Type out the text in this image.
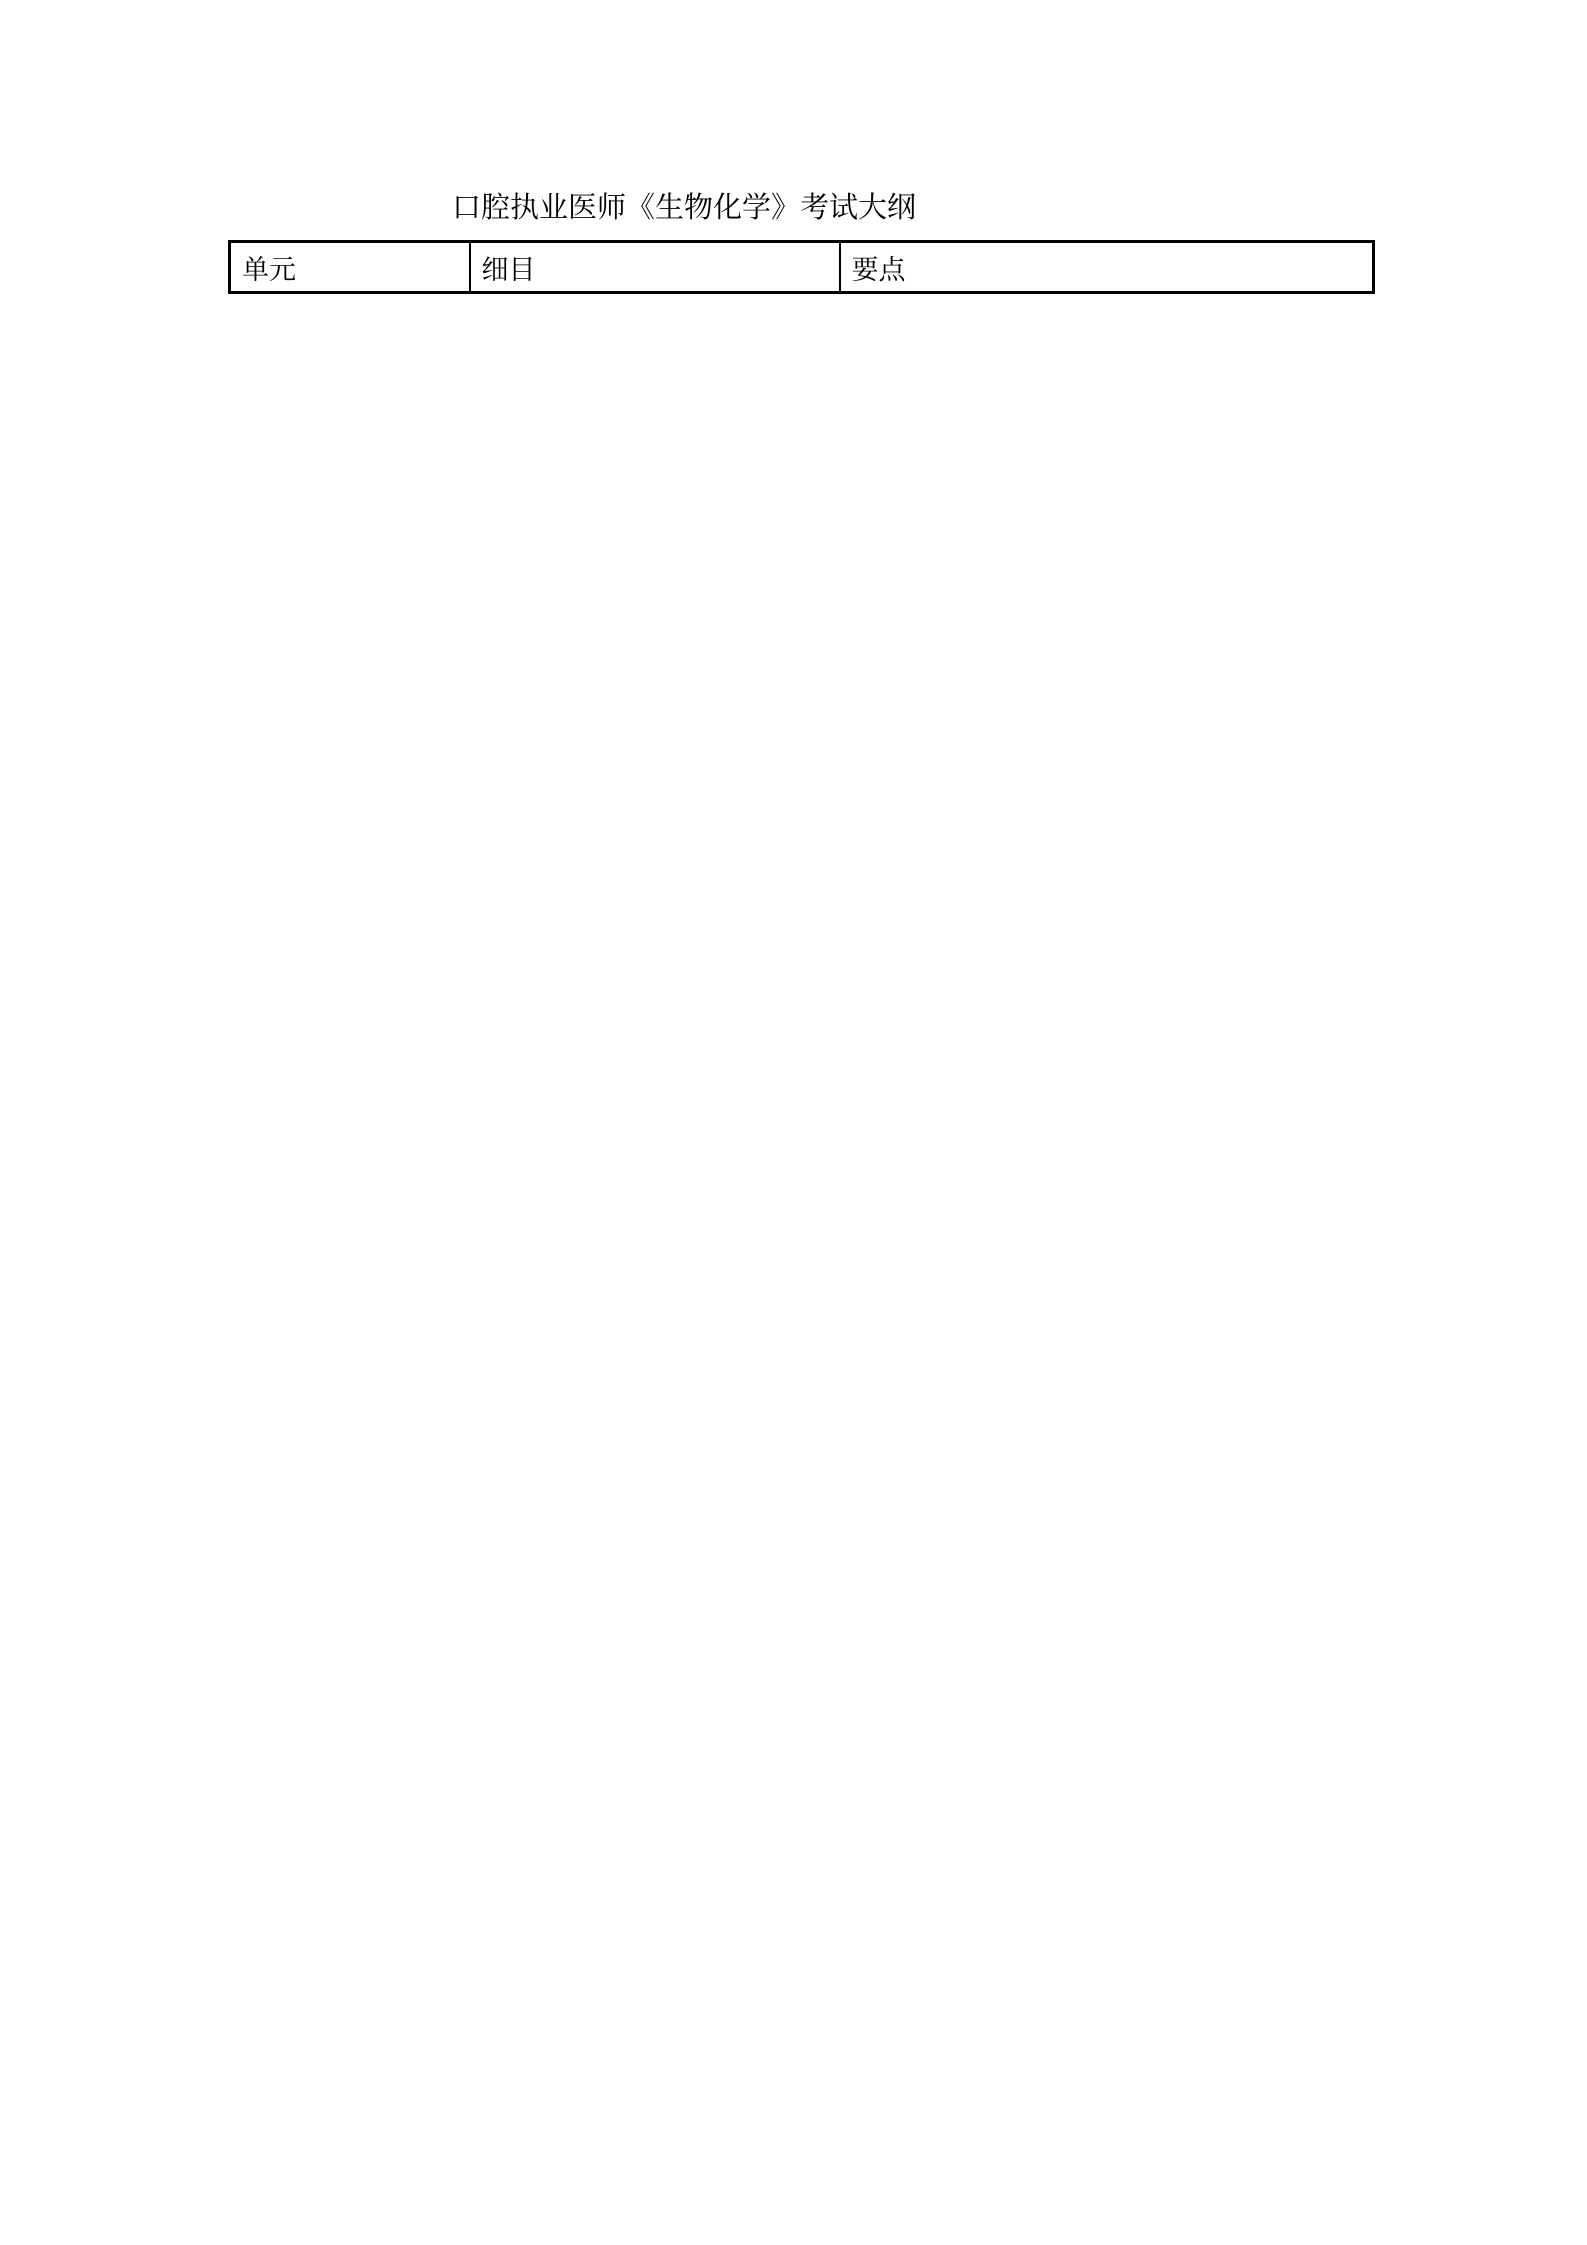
口腔执业医师《生物化学》考试大纲
单元	细目	要点
